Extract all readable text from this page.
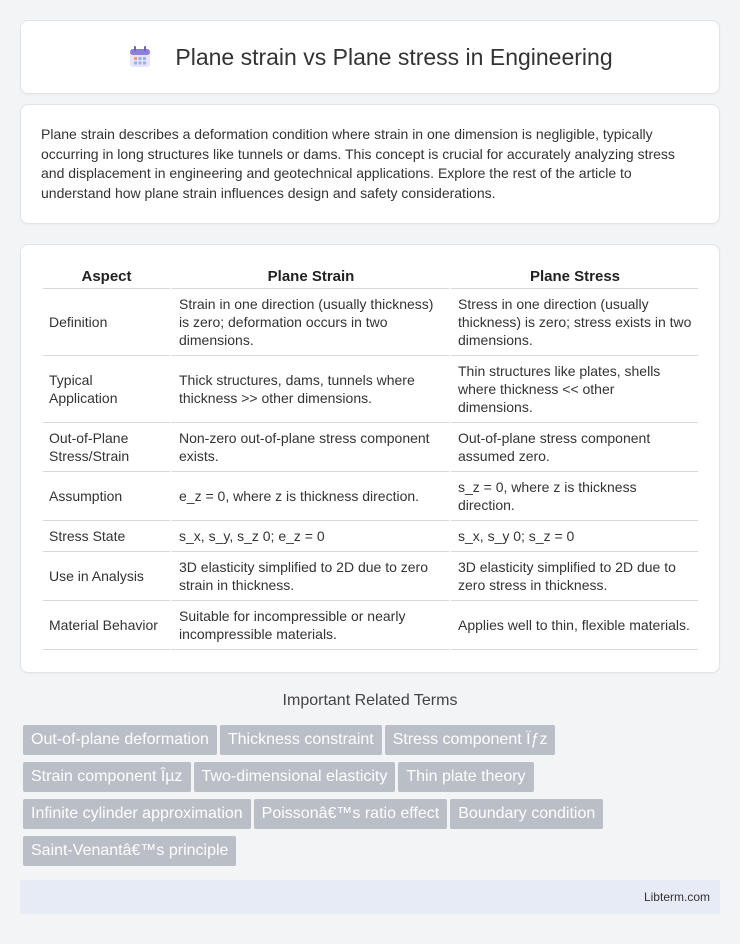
Plane strain vs Plane stress in Engineering

Plane strain describes a deformation condition where strain in one dimension is negligible, typically occurring in long structures like tunnels or dams. This concept is crucial for accurately analyzing stress and displacement in engineering and geotechnical applications. Explore the rest of the article to understand how plane strain influences design and safety considerations.

Aspect	Plane Strain	Plane Stress
Definition	Strain in one direction (usually thickness) is zero; deformation occurs in two dimensions.	Stress in one direction (usually thickness) is zero; stress exists in two dimensions.
Typical Application	Thick structures, dams, tunnels where thickness >> other dimensions.	Thin structures like plates, shells where thickness << other dimensions.
Out-of-Plane Stress/Strain	Non-zero out-of-plane stress component exists.	Out-of-plane stress component assumed zero.
Assumption	e_z = 0, where z is thickness direction.	s_z = 0, where z is thickness direction.
Stress State	s_x, s_y, s_z 0; e_z = 0	s_x, s_y 0; s_z = 0
Use in Analysis	3D elasticity simplified to 2D due to zero strain in thickness.	3D elasticity simplified to 2D due to zero stress in thickness.
Material Behavior	Suitable for incompressible or nearly incompressible materials.	Applies well to thin, flexible materials.
Important Related Terms
Out-of-plane deformation Thickness constraint Stress component Ïƒz
Strain component Îµz Two-dimensional elasticity Thin plate theory
Infinite cylinder approximation Poissonâ€™s ratio effect Boundary condition
Saint-Venantâ€™s principle
Libterm.com
